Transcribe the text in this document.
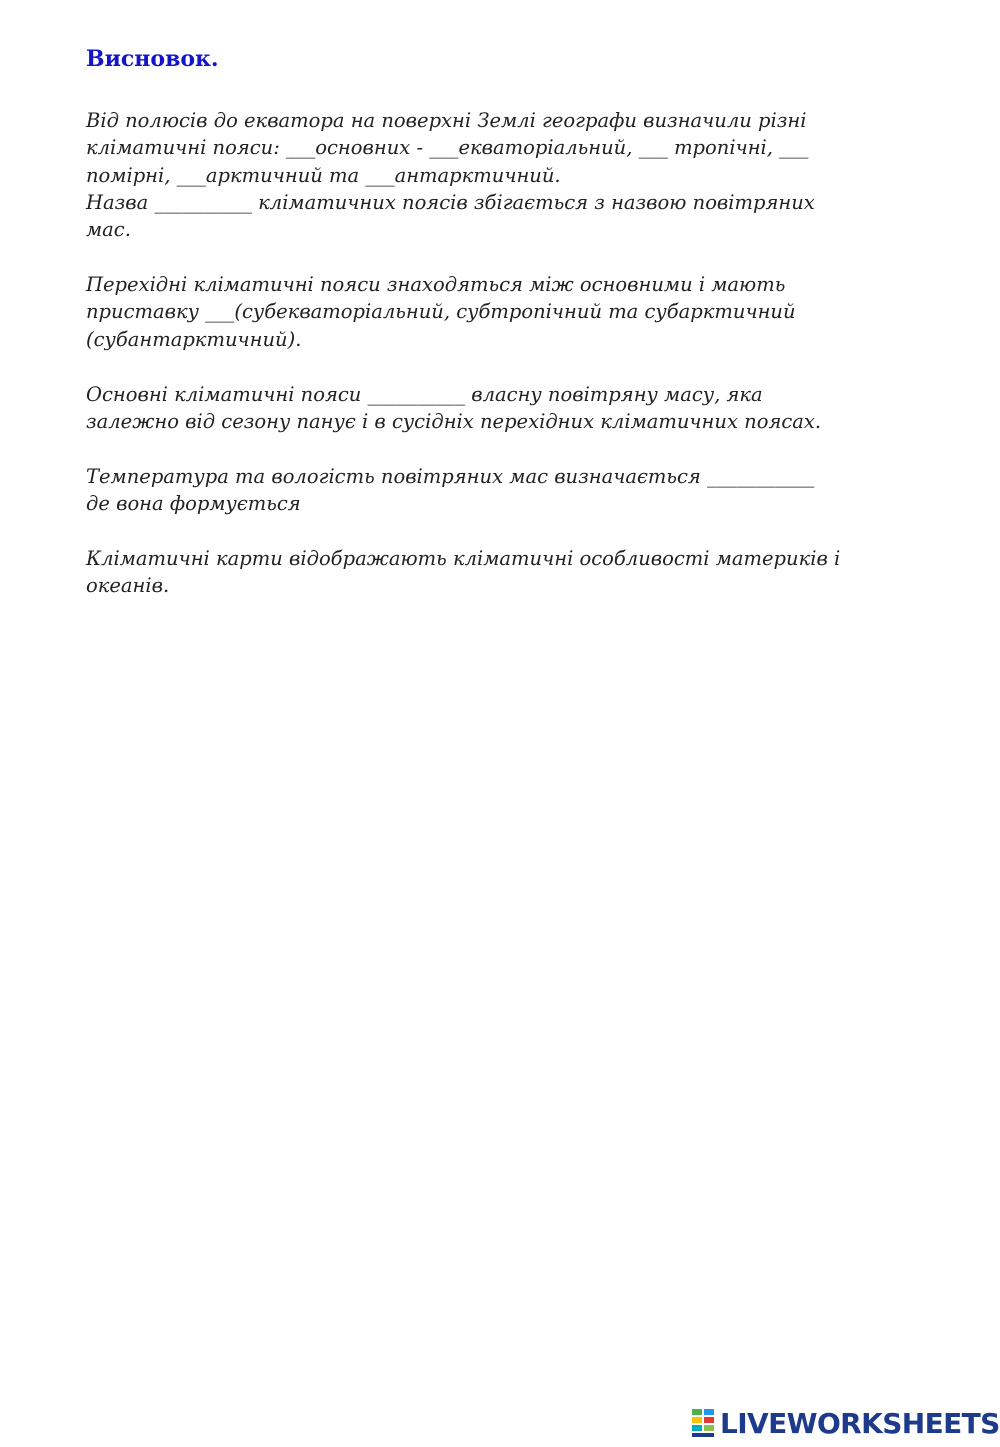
Висновок.

Від полюсів до екватора на поверхні Землі географи визначили різні
кліматичні пояси: ___основних - ___екваторіальний, ___ тропічні, ___
помірні, ___арктичний та ___антарктичний.
Назва __________ кліматичних поясів збігається з назвою повітряних
мас.

Перехідні кліматичні пояси знаходяться між основними і мають
приставку ___(субекваторіальний, субтропічний та субарктичний
(субантарктичний).

Основні кліматичні пояси __________ власну повітряну масу, яка
залежно від сезону панує і в сусідніх перехідних кліматичних поясах.

Температура та вологість повітряних мас визначається ___________
де вона формується

Кліматичні карти відображають кліматичні особливості материків і
океанів.

LIVEWORKSHEETS
